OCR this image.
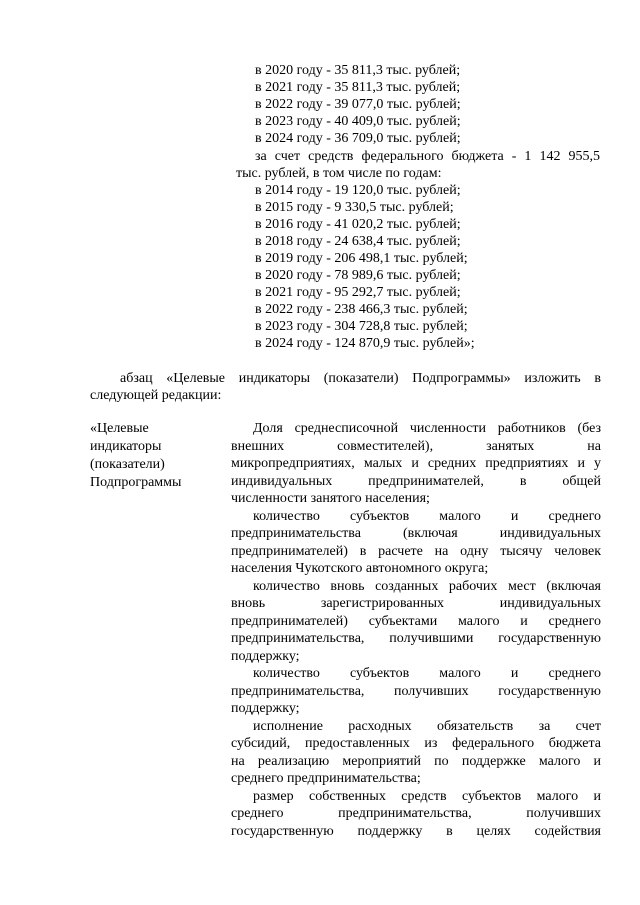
в 2020 году - 35 811,3 тыс. рублей;
в 2021 году - 35 811,3 тыс. рублей;
в 2022 году - 39 077,0 тыс. рублей;
в 2023 году - 40 409,0 тыс. рублей;
в 2024 году - 36 709,0 тыс. рублей;
за счет средств федерального бюджета - 1 142 955,5
тыс. рублей, в том числе по годам:
в 2014 году - 19 120,0 тыс. рублей;
в 2015 году - 9 330,5 тыс. рублей;
в 2016 году - 41 020,2 тыс. рублей;
в 2018 году - 24 638,4 тыс. рублей;
в 2019 году - 206 498,1 тыс. рублей;
в 2020 году - 78 989,6 тыс. рублей;
в 2021 году - 95 292,7 тыс. рублей;
в 2022 году - 238 466,3 тыс. рублей;
в 2023 году - 304 728,8 тыс. рублей;
в 2024 году - 124 870,9 тыс. рублей»;
абзац «Целевые индикаторы (показатели) Подпрограммы» изложить в
следующей редакции:
«Целевые
индикаторы
(показатели)
Подпрограммы
Доля среднесписочной численности работников (без
внешних совместителей), занятых на
микропредприятиях, малых и средних предприятиях и у
индивидуальных предпринимателей, в общей
численности занятого населения;
количество субъектов малого и среднего
предпринимательства (включая индивидуальных
предпринимателей) в расчете на одну тысячу человек
населения Чукотского автономного округа;
количество вновь созданных рабочих мест (включая
вновь зарегистрированных индивидуальных
предпринимателей) субъектами малого и среднего
предпринимательства, получившими государственную
поддержку;
количество субъектов малого и среднего
предпринимательства, получивших государственную
поддержку;
исполнение расходных обязательств за счет
субсидий, предоставленных из федерального бюджета
на реализацию мероприятий по поддержке малого и
среднего предпринимательства;
размер собственных средств субъектов малого и
среднего предпринимательства, получивших
государственную поддержку в целях содействия
